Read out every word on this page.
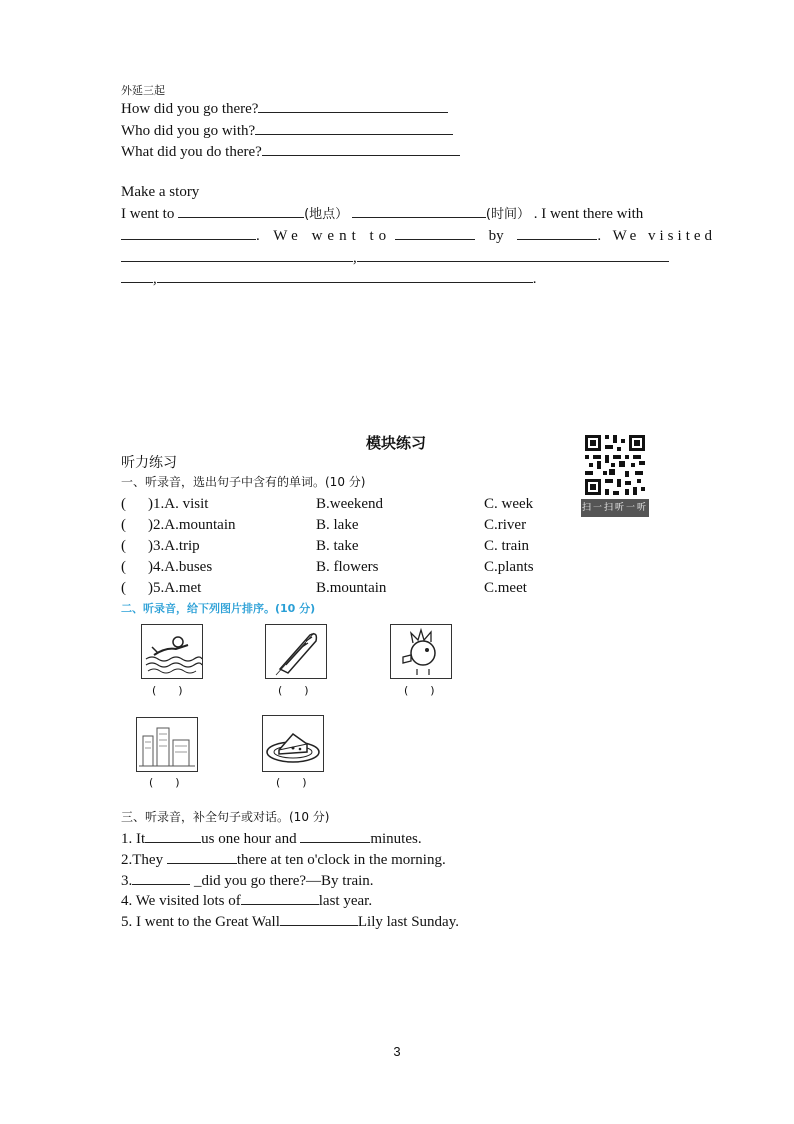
外延三起
How did you go there?
Who did you go with?
What did you do there?
Make a story
I went to	(地点）	(时间） . I went there with
. We went to	by	. We visited
,
,	.
模块练习
扫一扫听一听
听力练习
一、听录音，选出句子中含有的单词。(10 分)
( )1.A. visit	B.weekend	C. week
( )2.A.mountain	B. lake	C.river
( )3.A.trip	B. take	C. train
( )4.A.buses	B. flowers	C.plants
( )5.A.met	B.mountain	C.meet
二、听录音，给下列图片排序。(10 分)
(　　)	(　　)	(　　)
(　　)	(　　)
三、听录音，补全句子或对话。(10 分)
1. It	us one hour and	minutes.
2.They	there at ten o'clock in the morning.
3.	_did you go there?—By train.
4. We visited lots of	last year.
5. I went to the Great Wall	Lily last Sunday.
3
